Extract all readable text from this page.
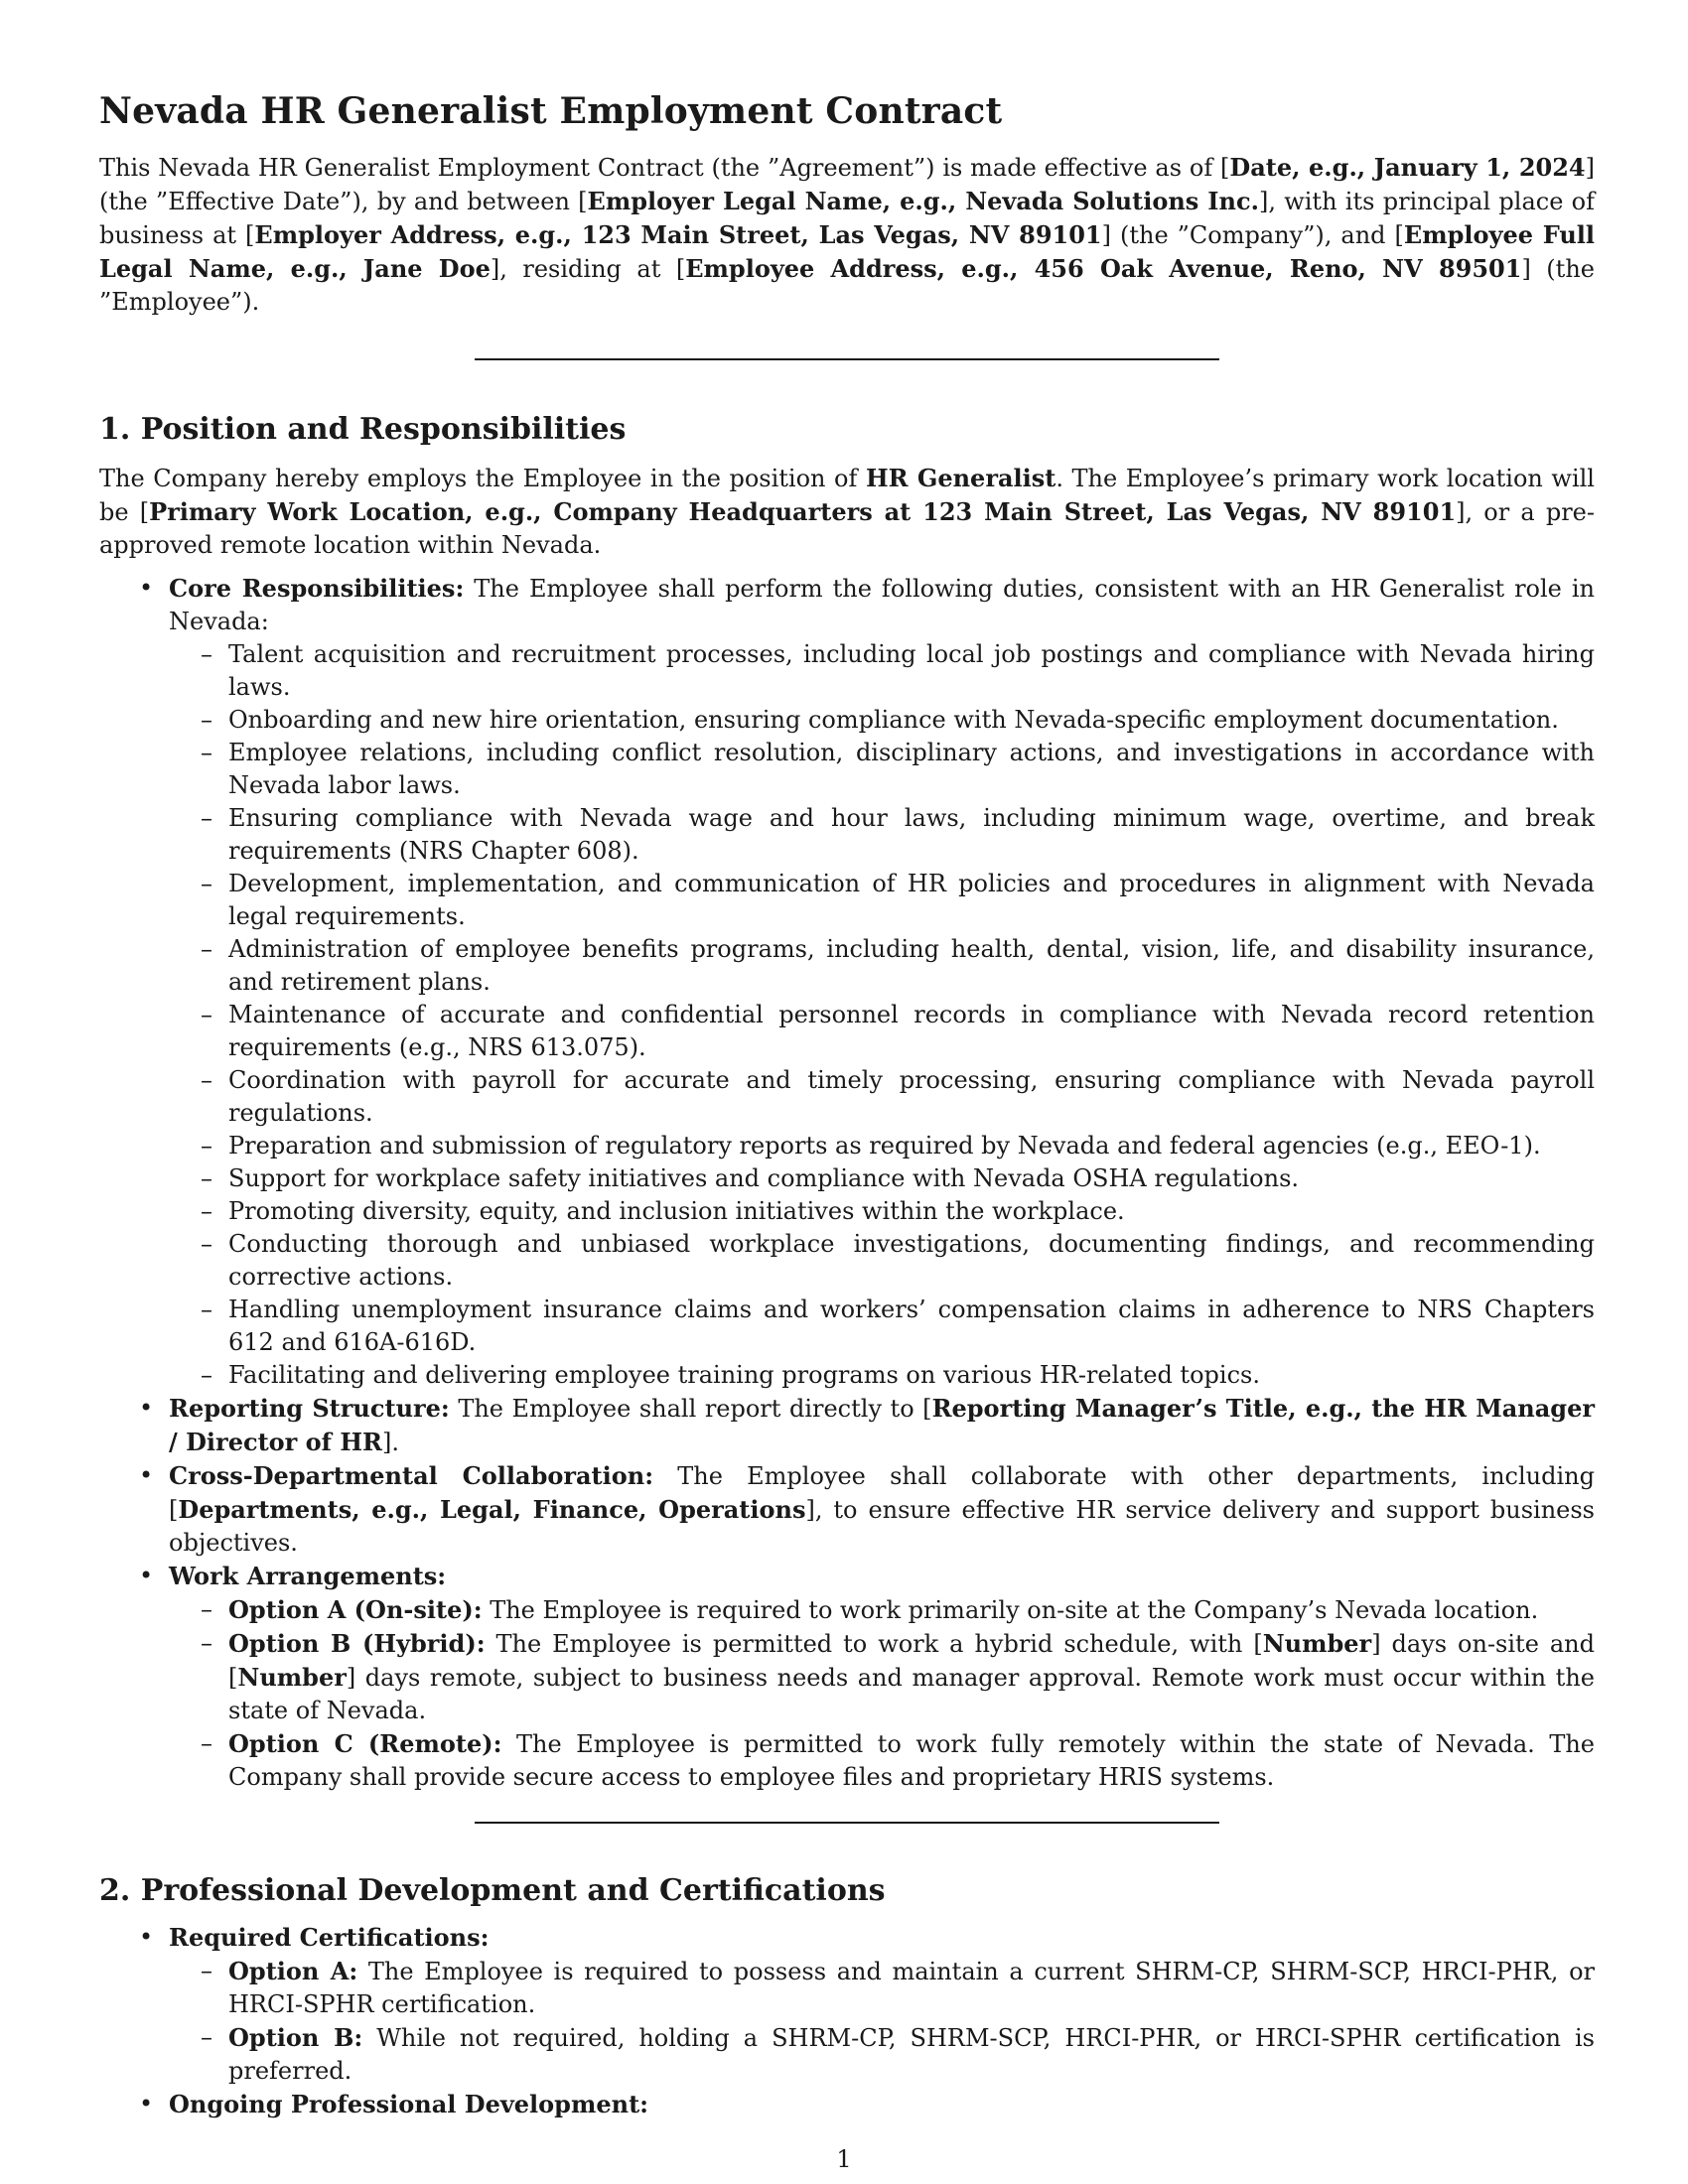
Nevada HR Generalist Employment Contract

This Nevada HR Generalist Employment Contract (the ”Agreement”) is made effective as of [Date, e.g., January 1, 2024] (the ”Effective Date”), by and between [Employer Legal Name, e.g., Nevada Solutions Inc.], with its principal place of business at [Employer Address, e.g., 123 Main Street, Las Vegas, NV 89101] (the ”Company”), and [Employee Full Legal Name, e.g., Jane Doe], residing at [Employee Address, e.g., 456 Oak Avenue, Reno, NV 89501] (the ”Employee”).

1. Position and Responsibilities

The Company hereby employs the Employee in the position of HR Generalist. The Employee’s primary work location will be [Primary Work Location, e.g., Company Headquarters at 123 Main Street, Las Vegas, NV 89101], or a pre-approved remote location within Nevada.

• Core Responsibilities: The Employee shall perform the following duties, consistent with an HR Generalist role in Nevada:
– Talent acquisition and recruitment processes, including local job postings and compliance with Nevada hiring laws.
– Onboarding and new hire orientation, ensuring compliance with Nevada-specific employment documentation.
– Employee relations, including conflict resolution, disciplinary actions, and investigations in accordance with Nevada labor laws.
– Ensuring compliance with Nevada wage and hour laws, including minimum wage, overtime, and break requirements (NRS Chapter 608).
– Development, implementation, and communication of HR policies and procedures in alignment with Nevada legal requirements.
– Administration of employee benefits programs, including health, dental, vision, life, and disability insurance, and retirement plans.
– Maintenance of accurate and confidential personnel records in compliance with Nevada record retention requirements (e.g., NRS 613.075).
– Coordination with payroll for accurate and timely processing, ensuring compliance with Nevada payroll regulations.
– Preparation and submission of regulatory reports as required by Nevada and federal agencies (e.g., EEO-1).
– Support for workplace safety initiatives and compliance with Nevada OSHA regulations.
– Promoting diversity, equity, and inclusion initiatives within the workplace.
– Conducting thorough and unbiased workplace investigations, documenting findings, and recommending corrective actions.
– Handling unemployment insurance claims and workers’ compensation claims in adherence to NRS Chapters 612 and 616A-616D.
– Facilitating and delivering employee training programs on various HR-related topics.
• Reporting Structure: The Employee shall report directly to [Reporting Manager’s Title, e.g., the HR Manager / Director of HR].
• Cross-Departmental Collaboration: The Employee shall collaborate with other departments, including [Departments, e.g., Legal, Finance, Operations], to ensure effective HR service delivery and support business objectives.
• Work Arrangements:
– Option A (On-site): The Employee is required to work primarily on-site at the Company’s Nevada location.
– Option B (Hybrid): The Employee is permitted to work a hybrid schedule, with [Number] days on-site and [Number] days remote, subject to business needs and manager approval. Remote work must occur within the state of Nevada.
– Option C (Remote): The Employee is permitted to work fully remotely within the state of Nevada. The Company shall provide secure access to employee files and proprietary HRIS systems.
2. Professional Development and Certifications
• Required Certifications:
– Option A: The Employee is required to possess and maintain a current SHRM-CP, SHRM-SCP, HRCI-PHR, or HRCI-SPHR certification.
– Option B: While not required, holding a SHRM-CP, SHRM-SCP, HRCI-PHR, or HRCI-SPHR certification is preferred.
• Ongoing Professional Development:
1
